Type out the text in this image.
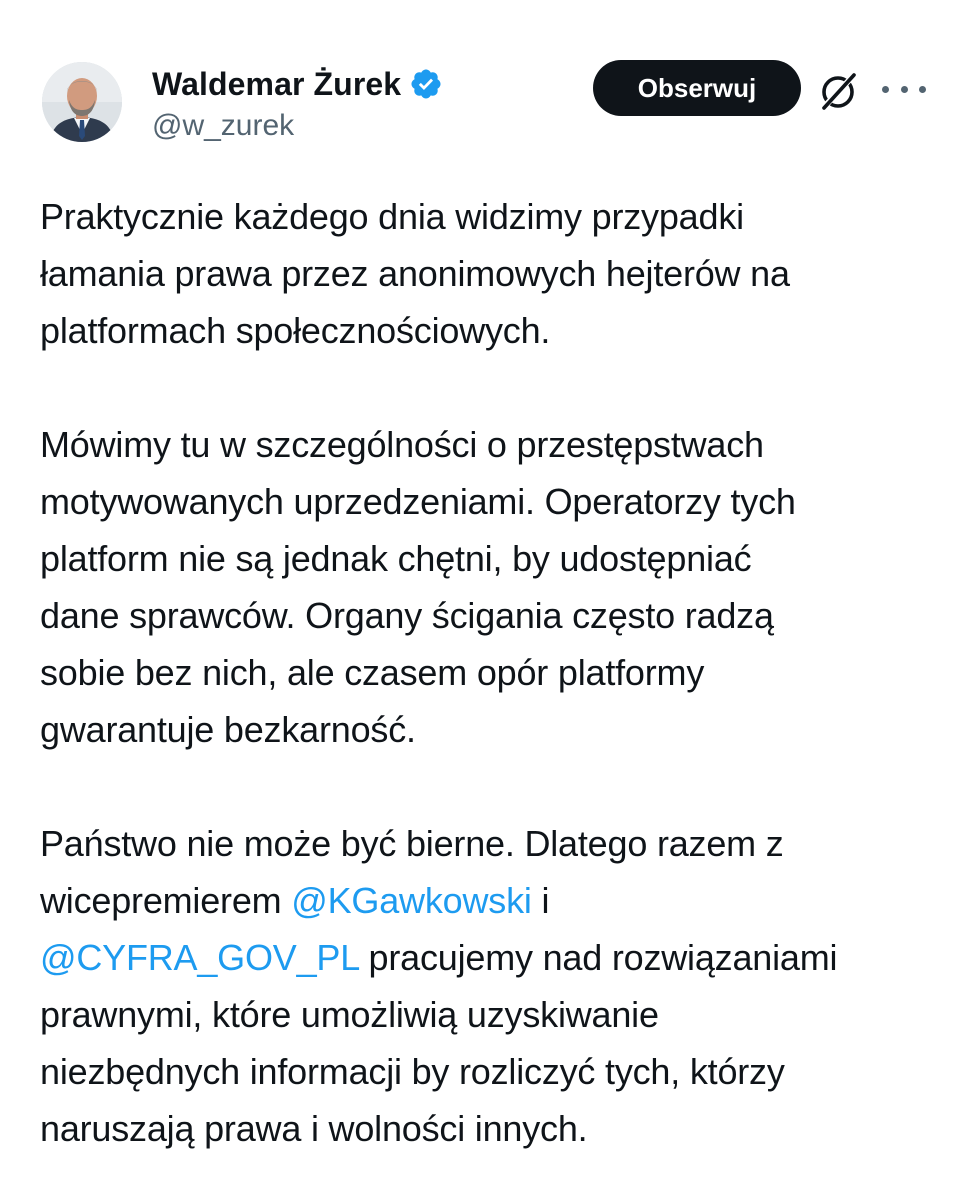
Waldemar Żurek
@w_zurek
Obserwuj
Praktycznie każdego dnia widzimy przypadki
łamania prawa przez anonimowych hejterów na
platformach społecznościowych.
Mówimy tu w szczególności o przestępstwach
motywowanych uprzedzeniami. Operatorzy tych
platform nie są jednak chętni, by udostępniać
dane sprawców. Organy ścigania często radzą
sobie bez nich, ale czasem opór platformy
gwarantuje bezkarność.
Państwo nie może być bierne. Dlatego razem z
wicepremierem @KGawkowski i
@CYFRA_GOV_PL pracujemy nad rozwiązaniami
prawnymi, które umożliwią uzyskiwanie
niezbędnych informacji by rozliczyć tych, którzy
naruszają prawa i wolności innych.
